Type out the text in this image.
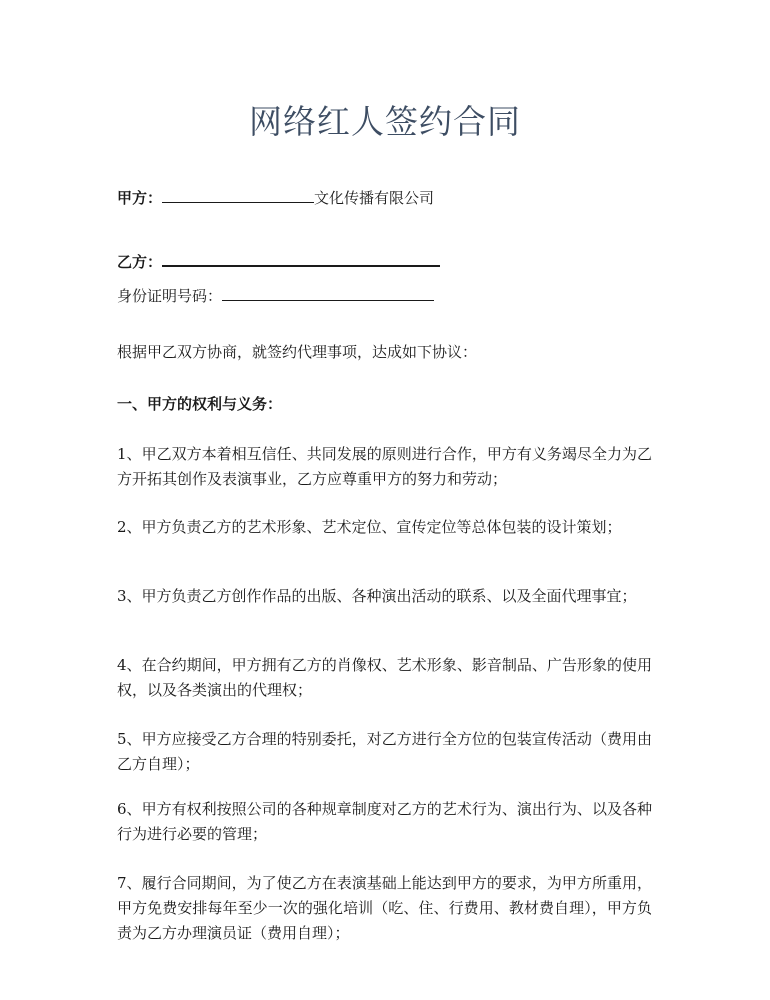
网络红人签约合同
甲方：	文化传播有限公司
乙方：
身份证明号码：
根据甲乙双方协商，就签约代理事项，达成如下协议：
一、甲方的权利与义务：
1、甲乙双方本着相互信任、共同发展的原则进行合作，甲方有义务竭尽全力为乙方开拓其创作及表演事业，乙方应尊重甲方的努力和劳动；
2、甲方负责乙方的艺术形象、艺术定位、宣传定位等总体包装的设计策划；
3、甲方负责乙方创作作品的出版、各种演出活动的联系、以及全面代理事宜；
4、在合约期间，甲方拥有乙方的肖像权、艺术形象、影音制品、广告形象的使用权，以及各类演出的代理权；
5、甲方应接受乙方合理的特别委托，对乙方进行全方位的包装宣传活动（费用由乙方自理）；
6、甲方有权利按照公司的各种规章制度对乙方的艺术行为、演出行为、以及各种行为进行必要的管理；
7、履行合同期间，为了使乙方在表演基础上能达到甲方的要求，为甲方所重用，甲方免费安排每年至少一次的强化培训（吃、住、行费用、教材费自理），甲方负责为乙方办理演员证（费用自理）；
